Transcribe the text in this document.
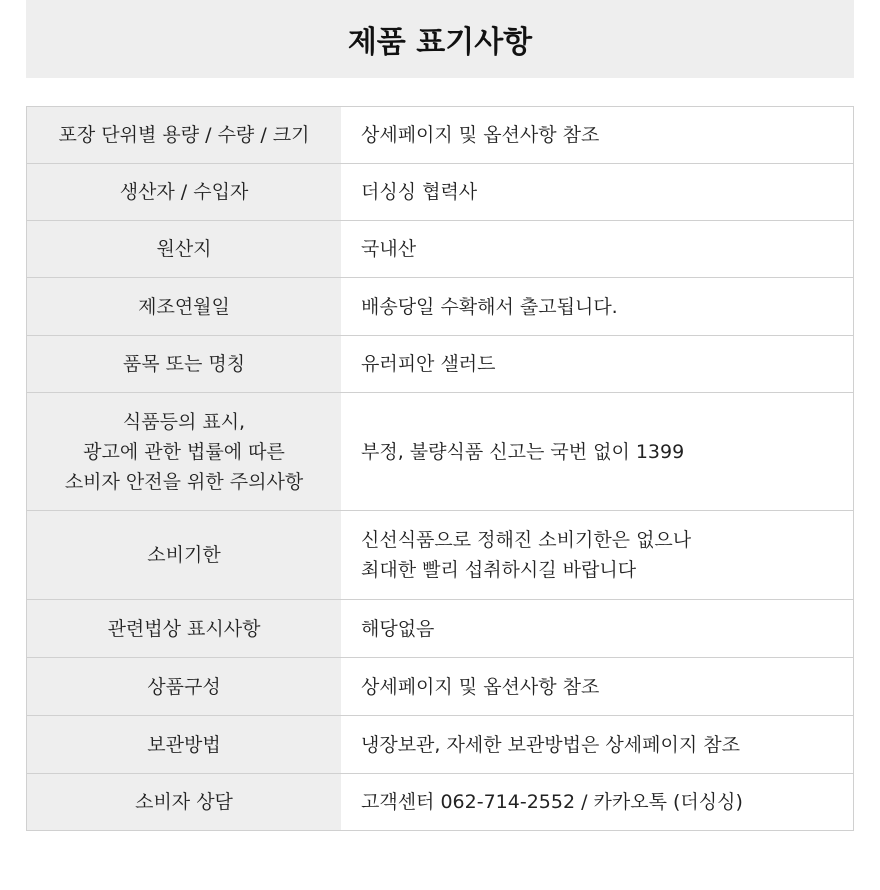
제품 표기사항
포장 단위별 용량 / 수량 / 크기	상세페이지 및 옵션사항 참조

생산자 / 수입자	더싱싱 협력사

원산지	국내산

제조연월일	배송당일 수확해서 출고됩니다.

품목 또는 명칭	유러피안 샐러드

식품등의 표시,
광고에 관한 법률에 따른
소비자 안전을 위한 주의사항	부정, 불량식품 신고는 국번 없이 1399

소비기한	신선식품으로 정해진 소비기한은 없으나
최대한 빨리 섭취하시길 바랍니다

관련법상 표시사항	해당없음

상품구성	상세페이지 및 옵션사항 참조

보관방법	냉장보관, 자세한 보관방법은 상세페이지 참조

소비자 상담	고객센터 062-714-2552 / 카카오톡 (더싱싱)
